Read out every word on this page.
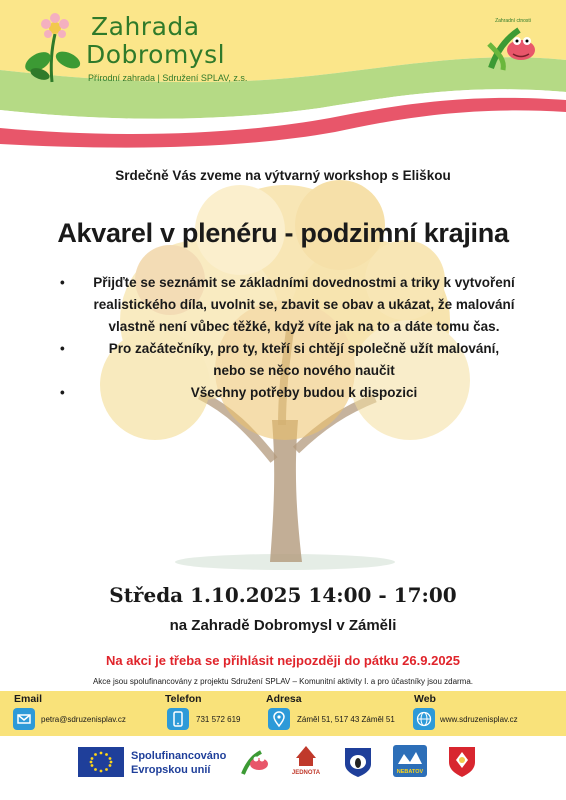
Zahrada
Dobromysl
Přírodní zahrada | Sdružení SPLAV, z.s.
Zahradní ctnosti
Srdečně Vás zveme na výtvarný workshop s Eliškou
Akvarel v plenéru - podzimní krajina
•	Přijďte se seznámit se základními dovednostmi a triky k vytvoření
realistického díla, uvolnit se, zbavit se obav a ukázat, že malování
vlastně není vůbec těžké, když víte jak na to a dáte tomu čas.
•	Pro začátečníky, pro ty, kteří si chtějí společně užít malování,
nebo se něco nového naučit
•	Všechny potřeby budou k dispozici
Středa 1.10.2025 14:00 - 17:00
na Zahradě Dobromysl v Záměli
Na akci je třeba se přihlásit nejpozději do pátku 26.9.2025
Akce jsou spolufinancovány z projektu Sdružení SPLAV – Komunitní aktivity I. a pro účastníky jsou zdarma.
Email
petra@sdruzenisplav.cz
Telefon
731 572 619
Adresa
Záměl 51, 517 43 Záměl 51
Web
www.sdruzenisplav.cz
Spolufinancováno
Evropskou unií	JEDNOTA	NEBATOV
